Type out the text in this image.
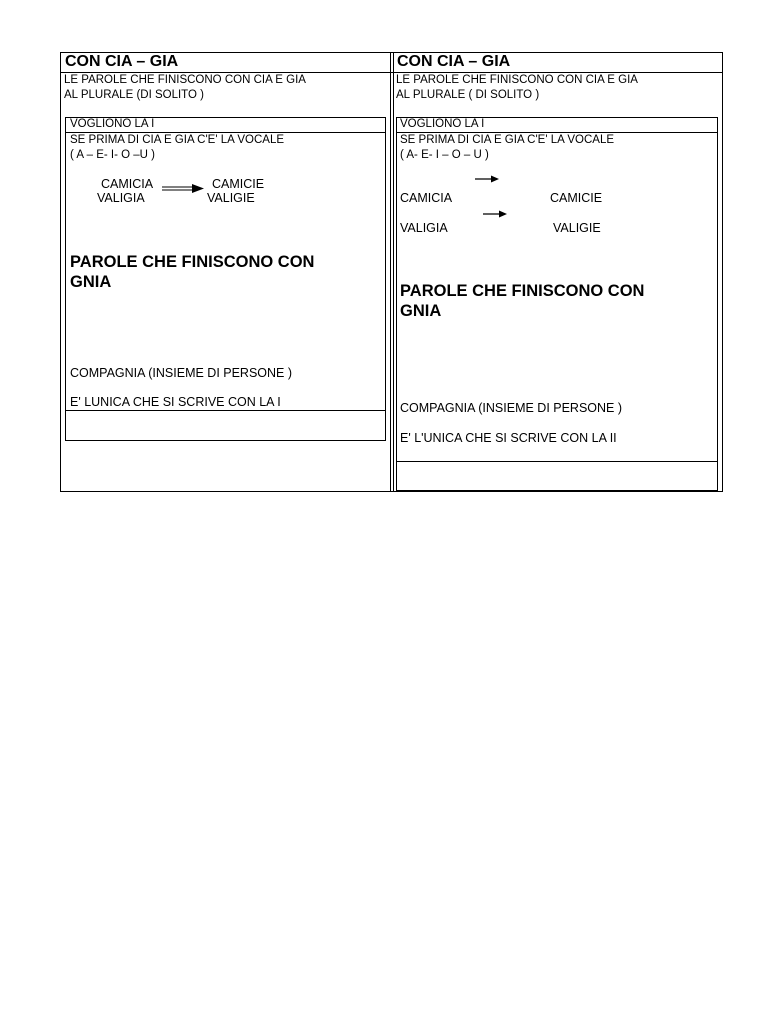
CON CIA – GIA
LE PAROLE CHE FINISCONO CON CIA E GIA
AL PLURALE (DI SOLITO )
VOGLIONO LA I
SE PRIMA DI CIA E GIA C'E' LA VOCALE
( A – E- I- O –U )
CAMICIA	CAMICIE
VALIGIA	VALIGIE
PAROLE CHE FINISCONO CON
GNIA
COMPAGNIA (INSIEME DI PERSONE )
E' LUNICA CHE SI SCRIVE CON LA I
CON CIA – GIA
LE PAROLE CHE FINISCONO CON CIA E GIA
AL PLURALE ( DI SOLITO )
VOGLIONO LA I
SE PRIMA DI CIA E GIA C'E' LA VOCALE
( A- E- I – O – U )
CAMICIA	CAMICIE
VALIGIA	VALIGIE
PAROLE CHE FINISCONO CON
GNIA
COMPAGNIA (INSIEME DI PERSONE )
E' L'UNICA CHE SI SCRIVE CON LA II
